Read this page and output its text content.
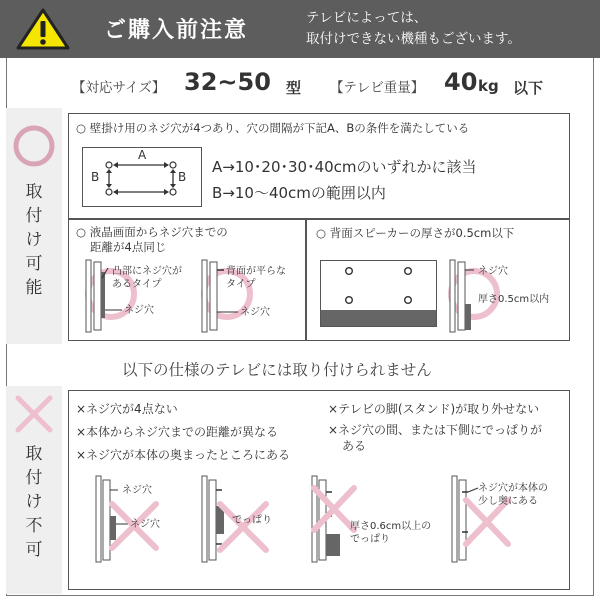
ご購入前注意	テレビによっては、
取付けできない機種もございます。
【対応サイズ】 32~50 型 【テレビ重量】 40 kg 以下
取
付
け
可
能
○ 壁掛け用のネジ穴が4つあり、穴の間隔が下記A、Bの条件を満たしている
A
B	B
A→10･20･30･40cmのいずれかに該当
B→10～40cmの範囲以内
○ 液晶画面からネジ穴までの
距離が4点同じ
凸部にネジ穴が
あるタイプ
ネジ穴
背面が平らな
タイプ
ネジ穴
○ 背面スピーカーの厚さが0.5cm以下
ネジ穴
厚さ0.5cm以内
以下の仕様のテレビには取り付けられません
取
付
け
不
可
×ネジ穴が4点ない
×本体からネジ穴までの距離が異なる
×ネジ穴が本体の奥まったところにある
×テレビの脚(スタンド)が取り外せない
×ネジ穴の間、または下側にでっぱりが
ある
ネジ穴
ネジ穴	でっぱり
厚さ0.6cm以上の
でっぱり
ネジ穴が本体の
少し奥にある
